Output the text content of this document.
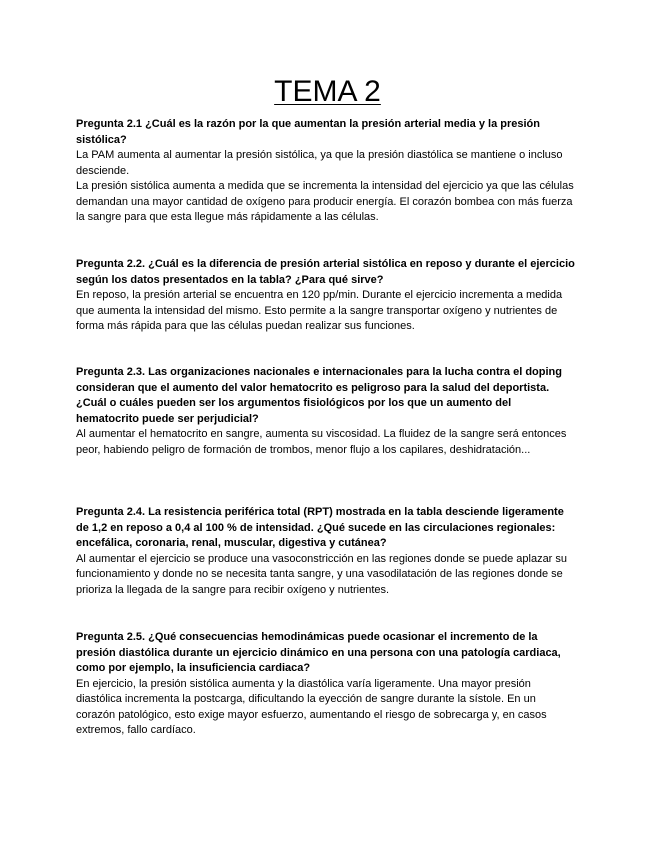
TEMA 2

Pregunta 2.1 ¿Cuál es la razón por la que aumentan la presión arterial media y la presión sistólica?

La PAM aumenta al aumentar la presión sistólica, ya que la presión diastólica se mantiene o incluso desciende.

La presión sistólica aumenta a medida que se incrementa la intensidad del ejercicio ya que las células demandan una mayor cantidad de oxígeno para producir energía. El corazón bombea con más fuerza la sangre para que esta llegue más rápidamente a las células.

Pregunta 2.2. ¿Cuál es la diferencia de presión arterial sistólica en reposo y durante el ejercicio según los datos presentados en la tabla? ¿Para qué sirve?

En reposo, la presión arterial se encuentra en 120 pp/min. Durante el ejercicio incrementa a medida que aumenta la intensidad del mismo. Esto permite a la sangre transportar oxígeno y nutrientes de forma más rápida para que las células puedan realizar sus funciones.

Pregunta 2.3. Las organizaciones nacionales e internacionales para la lucha contra el doping consideran que el aumento del valor hematocrito es peligroso para la salud del deportista. ¿Cuál o cuáles pueden ser los argumentos fisiológicos por los que un aumento del hematocrito puede ser perjudicial?

Al aumentar el hematocrito en sangre, aumenta su viscosidad. La fluidez de la sangre será entonces peor, habiendo peligro de formación de trombos, menor flujo a los capilares, deshidratación...

Pregunta 2.4. La resistencia periférica total (RPT) mostrada en la tabla desciende ligeramente de 1,2 en reposo a 0,4 al 100 % de intensidad. ¿Qué sucede en las circulaciones regionales: encefálica, coronaria, renal, muscular, digestiva y cutánea?

Al aumentar el ejercicio se produce una vasoconstricción en las regiones donde se puede aplazar su funcionamiento y donde no se necesita tanta sangre, y una vasodilatación de las regiones donde se prioriza la llegada de la sangre para recibir oxígeno y nutrientes.

Pregunta 2.5. ¿Qué consecuencias hemodinámicas puede ocasionar el incremento de la presión diastólica durante un ejercicio dinámico en una persona con una patología cardiaca, como por ejemplo, la insuficiencia cardiaca?

En ejercicio, la presión sistólica aumenta y la diastólica varía ligeramente. Una mayor presión diastólica incrementa la postcarga, dificultando la eyección de sangre durante la sístole. En un corazón patológico, esto exige mayor esfuerzo, aumentando el riesgo de sobrecarga y, en casos extremos, fallo cardíaco.
